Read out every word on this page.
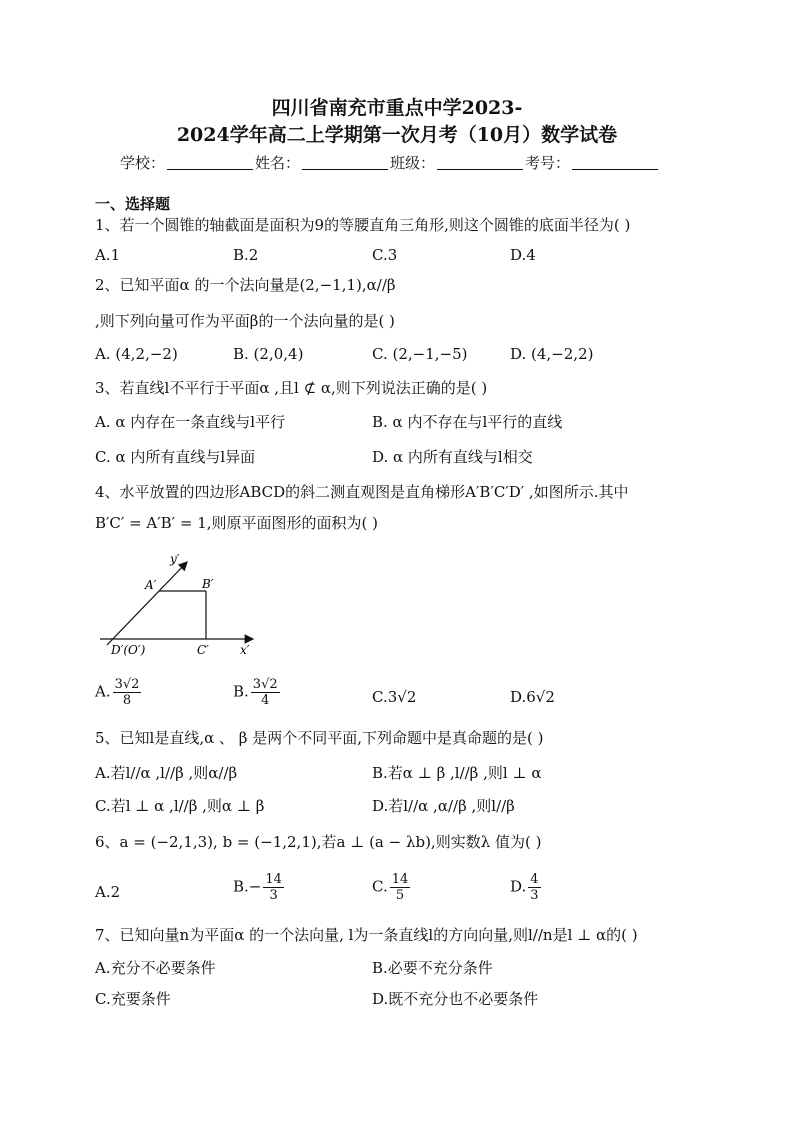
四川省南充市重点中学2023-
2024学年高二上学期第一次月考（10月）数学试卷
学校：	姓名：	班级：	考号：
一、选择题
1、若一个圆锥的轴截面是面积为9的等腰直角三角形,则这个圆锥的底面半径为( )
A.1	B.2	C.3	D.4
2、已知平面α 的一个法向量是(2,−1,1),α//β
,则下列向量可作为平面β的一个法向量的是( )
A. (4,2,−2)	B. (2,0,4)	C. (2,−1,−5)	D. (4,−2,2)
3、若直线l不平行于平面α ,且l ⊄ α,则下列说法正确的是( )
A. α 内存在一条直线与l平行	B. α 内不存在与l平行的直线
C. α 内所有直线与l异面	D. α 内所有直线与l相交
4、水平放置的四边形ABCD的斜二测直观图是直角梯形A′B′C′D′ ,如图所示.其中
B′C′ = A′B′ = 1,则原平面图形的面积为( )
y′
A′	B′
D′(O′)	C′	x′
A. $\frac{3√2}{8}$	B. $\frac{3√2}{4}$	C.3√2	D.6√2
5、已知l是直线,α 、 β 是两个不同平面,下列命题中是真命题的是( )
A.若l//α ,l//β ,则α//β	B.若α ⊥ β ,l//β ,则l ⊥ α
C.若l ⊥ α ,l//β ,则α ⊥ β	D.若l//α ,α//β ,则l//β
6、a = (−2,1,3), b = (−1,2,1),若a ⊥ (a − λb),则实数λ 值为( )
A.2	$B.- \frac{14}{3}$	C. $\frac{14}{5}$	D. $\frac{4}{3}$
7、已知向量n为平面α 的一个法向量, l为一条直线l的方向向量,则l//n是l ⊥ α的( )
A.充分不必要条件	B.必要不充分条件
C.充要条件	D.既不充分也不必要条件
